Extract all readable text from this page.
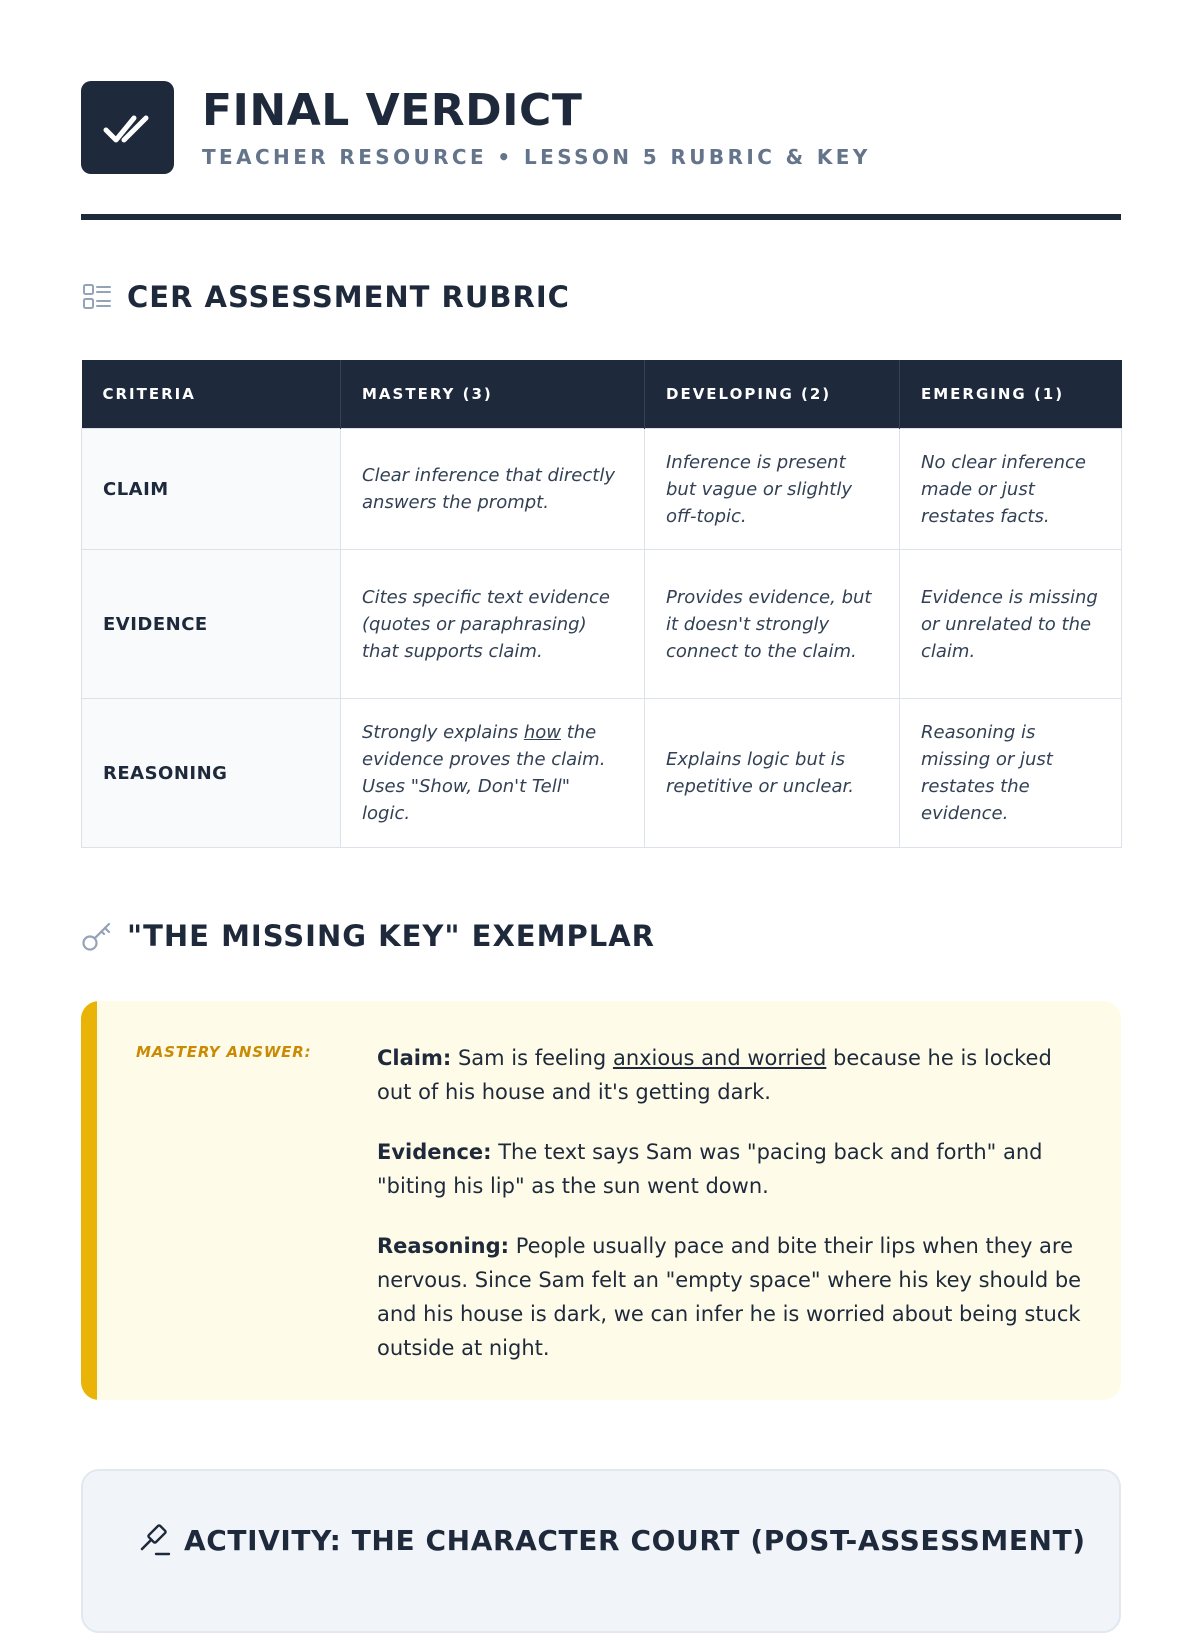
FINAL VERDICT
TEACHER RESOURCE • LESSON 5 RUBRIC & KEY
CER ASSESSMENT RUBRIC
CRITERIA	MASTERY (3)	DEVELOPING (2)	EMERGING (1)
CLAIM	Clear inference that directly answers the prompt.	Inference is present but vague or slightly off-topic.	No clear inference made or just restates facts.
EVIDENCE	Cites specific text evidence (quotes or paraphrasing) that supports claim.	Provides evidence, but it doesn't strongly connect to the claim.	Evidence is missing or unrelated to the claim.
REASONING	Strongly explains how the evidence proves the claim. Uses "Show, Don't Tell" logic.	Explains logic but is repetitive or unclear.	Reasoning is missing or just restates the evidence.
"THE MISSING KEY" EXEMPLAR
MASTERY ANSWER:	Claim: Sam is feeling anxious and worried because he is locked out of his house and it's getting dark.

Evidence: The text says Sam was "pacing back and forth" and "biting his lip" as the sun went down.

Reasoning: People usually pace and bite their lips when they are nervous. Since Sam felt an "empty space" where his key should be and his house is dark, we can infer he is worried about being stuck outside at night.

ACTIVITY: THE CHARACTER COURT (POST-ASSESSMENT)
